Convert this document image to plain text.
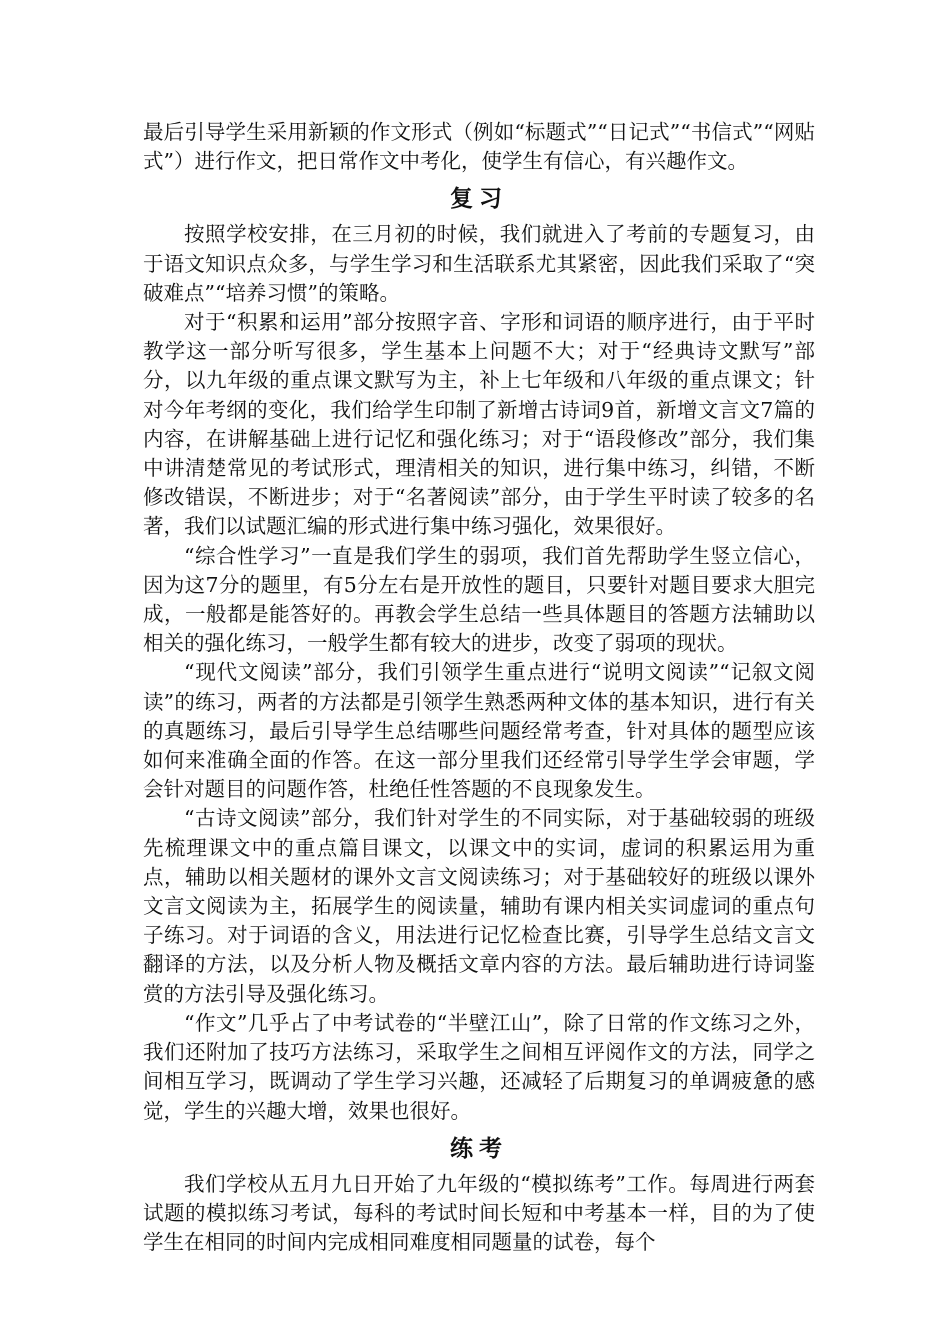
最后引导学生采用新颖的作文形式（例如“标题式”“日记式”“书信式”“网贴式”）进行作文，把日常作文中考化，使学生有信心，有兴趣作文。

复习

按照学校安排，在三月初的时候，我们就进入了考前的专题复习，由于语文知识点众多，与学生学习和生活联系尤其紧密，因此我们采取了“突破难点”“培养习惯”的策略。

对于“积累和运用”部分按照字音、字形和词语的顺序进行，由于平时教学这一部分听写很多，学生基本上问题不大；对于“经典诗文默写”部分，以九年级的重点课文默写为主，补上七年级和八年级的重点课文；针对今年考纲的变化，我们给学生印制了新增古诗词9首，新增文言文7篇的内容，在讲解基础上进行记忆和强化练习；对于“语段修改”部分，我们集中讲清楚常见的考试形式，理清相关的知识，进行集中练习，纠错，不断修改错误，不断进步；对于“名著阅读”部分，由于学生平时读了较多的名著，我们以试题汇编的形式进行集中练习强化，效果很好。

“综合性学习”一直是我们学生的弱项，我们首先帮助学生竖立信心，因为这7分的题里，有5分左右是开放性的题目，只要针对题目要求大胆完成，一般都是能答好的。再教会学生总结一些具体题目的答题方法辅助以相关的强化练习，一般学生都有较大的进步，改变了弱项的现状。

“现代文阅读”部分，我们引领学生重点进行“说明文阅读”“记叙文阅读”的练习，两者的方法都是引领学生熟悉两种文体的基本知识，进行有关的真题练习，最后引导学生总结哪些问题经常考查，针对具体的题型应该如何来准确全面的作答。在这一部分里我们还经常引导学生学会审题，学会针对题目的问题作答，杜绝任性答题的不良现象发生。

“古诗文阅读”部分，我们针对学生的不同实际，对于基础较弱的班级先梳理课文中的重点篇目课文，以课文中的实词，虚词的积累运用为重点，辅助以相关题材的课外文言文阅读练习；对于基础较好的班级以课外文言文阅读为主，拓展学生的阅读量，辅助有课内相关实词虚词的重点句子练习。对于词语的含义，用法进行记忆检查比赛，引导学生总结文言文翻译的方法，以及分析人物及概括文章内容的方法。最后辅助进行诗词鉴赏的方法引导及强化练习。

“作文”几乎占了中考试卷的“半壁江山”，除了日常的作文练习之外，我们还附加了技巧方法练习，采取学生之间相互评阅作文的方法，同学之间相互学习，既调动了学生学习兴趣，还减轻了后期复习的单调疲惫的感觉，学生的兴趣大增，效果也很好。

练考

我们学校从五月九日开始了九年级的“模拟练考”工作。每周进行两套试题的模拟练习考试，每科的考试时间长短和中考基本一样，目的为了使学生在相同的时间内完成相同难度相同题量的试卷，每个
